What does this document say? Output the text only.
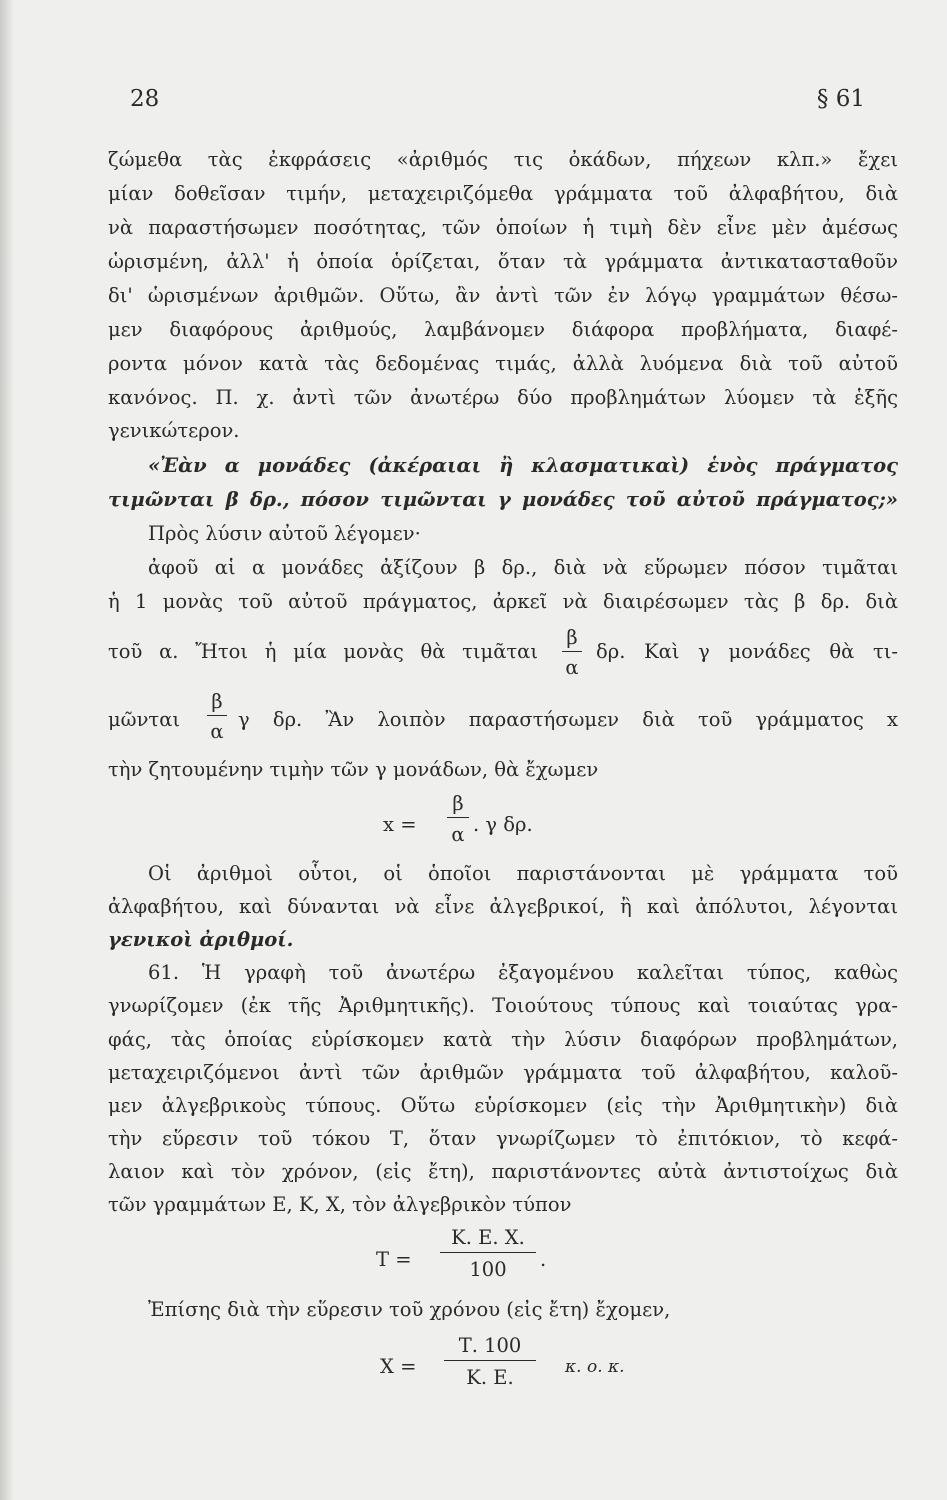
28	§ 61
ζώμεθα τὰς ἐκφράσεις «ἀριθμός τις ὀκάδων, πήχεων κλπ.» ἔχει
μίαν δοθεῖσαν τιμήν, μεταχειριζόμεθα γράμματα τοῦ ἀλφαβήτου, διὰ
νὰ παραστήσωμεν ποσότητας, τῶν ὁποίων ἡ τιμὴ δὲν εἶνε μὲν ἀμέσως
ὡρισμένη, ἀλλ' ἡ ὁποία ὁρίζεται, ὅταν τὰ γράμματα ἀντικατασταθοῦν
δι' ὡρισμένων ἀριθμῶν. Οὕτω, ἂν ἀντὶ τῶν ἐν λόγῳ γραμμάτων θέσω-
μεν διαφόρους ἀριθμούς, λαμβάνομεν διάφορα προβλήματα, διαφέ-
ροντα μόνον κατὰ τὰς δεδομένας τιμάς, ἀλλὰ λυόμενα διὰ τοῦ αὐτοῦ
κανόνος. Π. χ. ἀντὶ τῶν ἀνωτέρω δύο προβλημάτων λύομεν τὰ ἑξῆς
γενικώτερον.
«Ἐὰν α μονάδες (ἀκέραιαι ἢ κλασματικαὶ) ἑνὸς πράγματος
τιμῶνται β δρ., πόσον τιμῶνται γ μονάδες τοῦ αὐτοῦ πράγματος;»
Πρὸς λύσιν αὐτοῦ λέγομεν·
ἀφοῦ αἱ α μονάδες ἀξίζουν β δρ., διὰ νὰ εὕρωμεν πόσον τιμᾶται
ἡ 1 μονὰς τοῦ αὐτοῦ πράγματος, ἀρκεῖ νὰ διαιρέσωμεν τὰς β δρ. διὰ
τοῦ α. Ἤτοι ἡ μία μονὰς θὰ τιμᾶται
β
α
δρ. Καὶ γ μονάδες θὰ τι-
μῶνται
β
α
γ δρ. Ἂν λοιπὸν παραστήσωμεν διὰ τοῦ γράμματος x
τὴν ζητουμένην τιμὴν τῶν γ μονάδων, θὰ ἔχωμεν
x =
β
α . γ δρ.
Οἱ ἀριθμοὶ οὗτοι, οἱ ὁποῖοι παριστάνονται μὲ γράμματα τοῦ
ἀλφαβήτου, καὶ δύνανται νὰ εἶνε ἀλγεβρικοί, ἢ καὶ ἀπόλυτοι, λέγονται
γενικοὶ ἀριθμοί.
61. Ἡ γραφὴ τοῦ ἀνωτέρω ἐξαγομένου καλεῖται τύπος, καθὼς
γνωρίζομεν (ἐκ τῆς Ἀριθμητικῆς). Τοιούτους τύπους καὶ τοιαύτας γρα-
φάς, τὰς ὁποίας εὑρίσκομεν κατὰ τὴν λύσιν διαφόρων προβλημάτων,
μεταχειριζόμενοι ἀντὶ τῶν ἀριθμῶν γράμματα τοῦ ἀλφαβήτου, καλοῦ-
μεν ἀλγεβρικοὺς τύπους. Οὕτω εὑρίσκομεν (εἰς τὴν Ἀριθμητικὴν) διὰ
τὴν εὕρεσιν τοῦ τόκου Τ, ὅταν γνωρίζωμεν τὸ ἐπιτόκιον, τὸ κεφά-
λαιον καὶ τὸν χρόνον, (εἰς ἔτη), παριστάνοντες αὐτὰ ἀντιστοίχως διὰ
τῶν γραμμάτων Ε, Κ, Χ, τὸν ἀλγεβρικὸν τύπον
Τ =
Κ. Ε. Χ.
100	.
Ἐπίσης διὰ τὴν εὕρεσιν τοῦ χρόνου (εἰς ἔτη) ἔχομεν,
Χ =
Τ. 100
Κ. Ε.	κ. ο. κ.
